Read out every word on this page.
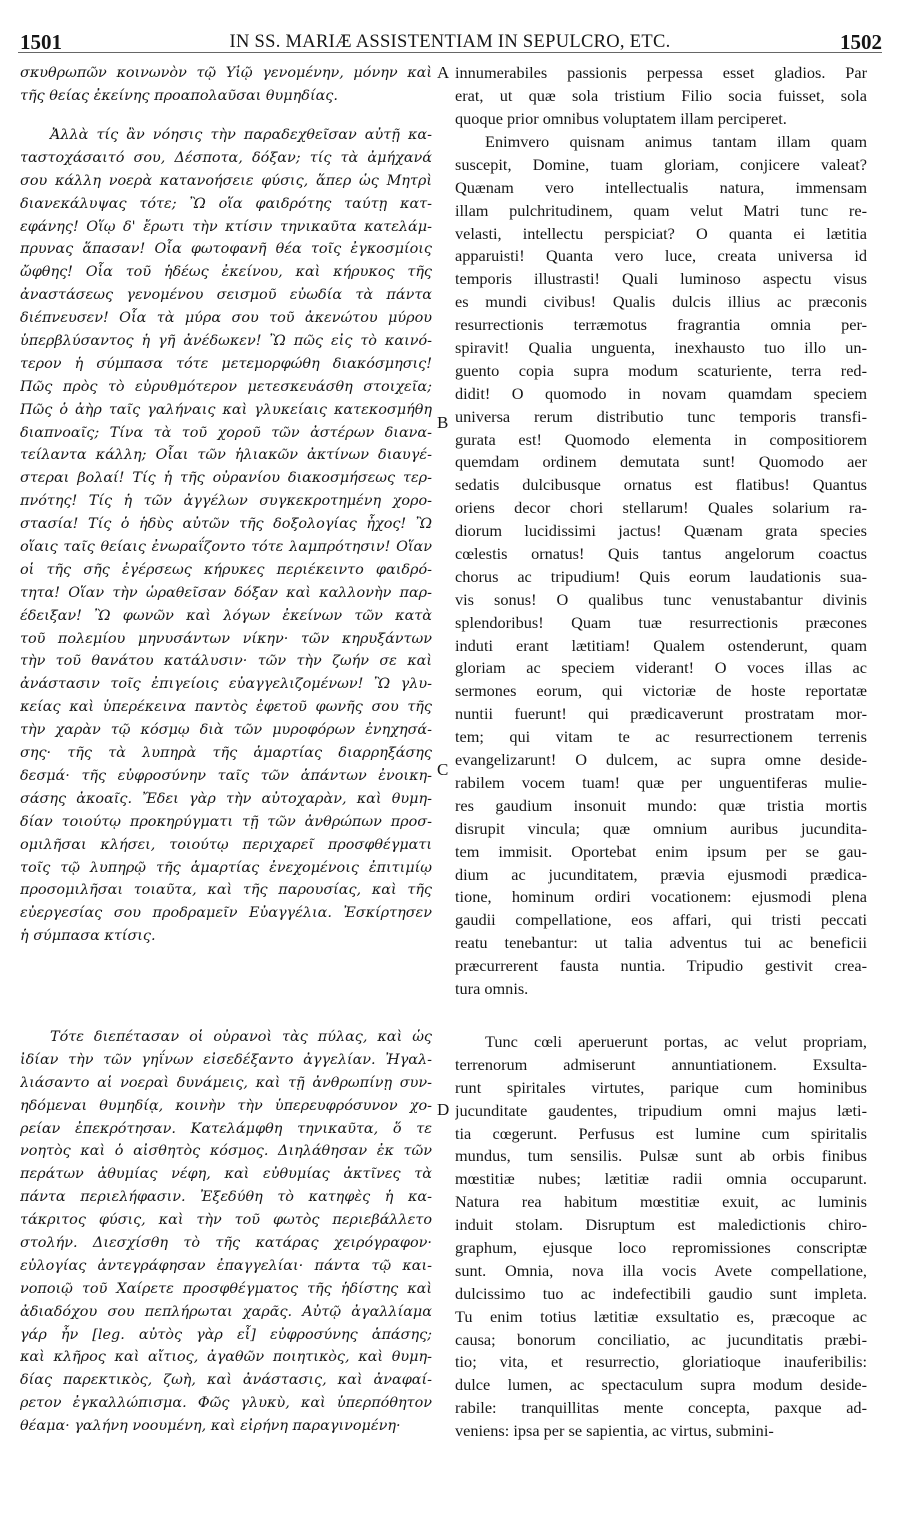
1501	IN SS. MARIÆ ASSISTENTIAM IN SEPULCRO, ETC.	1502
σκυθρωπῶν κοινωνὸν τῷ Υἱῷ γενομένην, μόνην καὶ
τῆς θείας ἐκείνης προαπολαῦσαι θυμηδίας.
Ἀλλὰ τίς ἂν νόησις τὴν παραδεχθεῖσαν αὐτῇ κα-
ταστοχάσαιτό σου, Δέσποτα, δόξαν; τίς τὰ ἀμήχανά
σου κάλλη νοερὰ κατανοήσειε φύσις, ἅπερ ὡς Μητρὶ
διανεκάλυψας τότε; Ὢ οἵα φαιδρότης ταύτῃ κατ-
εφάνης! Οἵῳ δ' ἔρωτι τὴν κτίσιν τηνικαῦτα κατελάμ-
πρυνας ἅπασαν! Οἷα φωτοφανῆ θέα τοῖς ἐγκοσμίοις
ὤφθης! Οἷα τοῦ ἡδέως ἐκείνου, καὶ κήρυκος τῆς
ἀναστάσεως γενομένου σεισμοῦ εὐωδία τὰ πάντα
διέπνευσεν! Οἷα τὰ μύρα σου τοῦ ἀκενώτου μύρου
ὑπερβλύσαντος ἡ γῆ ἀνέδωκεν! Ὢ πῶς εἰς τὸ καινό-
τερον ἡ σύμπασα τότε μετεμορφώθη διακόσμησις!
Πῶς πρὸς τὸ εὐρυθμότερον μετεσκευάσθη στοιχεῖα;
Πῶς ὁ ἀὴρ ταῖς γαλήναις καὶ γλυκείαις κατεκοσμήθη
διαπνοαῖς; Τίνα τὰ τοῦ χοροῦ τῶν ἀστέρων διανα-
τείλαντα κάλλη; Οἷαι τῶν ἡλιακῶν ἀκτίνων διαυγέ-
στεραι βολαί! Τίς ἡ τῆς οὐρανίου διακοσμήσεως τερ-
πνότης! Τίς ἡ τῶν ἀγγέλων συγκεκροτημένη χορο-
στασία! Τίς ὁ ἡδὺς αὐτῶν τῆς δοξολογίας ἦχος! Ὢ
οἵαις ταῖς θείαις ἐνωραΐζοντο τότε λαμπρότησιν! Οἵαν
οἱ τῆς σῆς ἐγέρσεως κήρυκες περιέκειντο φαιδρό-
τητα! Οἵαν τὴν ὡραθεῖσαν δόξαν καὶ καλλονὴν παρ-
έδειξαν! Ὢ φωνῶν καὶ λόγων ἐκείνων τῶν κατὰ
τοῦ πολεμίου μηνυσάντων νίκην· τῶν κηρυξάντων
τὴν τοῦ θανάτου κατάλυσιν· τῶν τὴν ζωήν σε καὶ
ἀνάστασιν τοῖς ἐπιγείοις εὐαγγελιζομένων! Ὢ γλυ-
κείας καὶ ὑπερέκεινα παντὸς ἐφετοῦ φωνῆς σου τῆς
τὴν χαρὰν τῷ κόσμῳ διὰ τῶν μυροφόρων ἐνηχησά-
σης· τῆς τὰ λυπηρὰ τῆς ἁμαρτίας διαρρηξάσης
δεσμά· τῆς εὐφροσύνην ταῖς τῶν ἁπάντων ἐνοικη-
σάσης ἀκοαῖς. Ἔδει γὰρ τὴν αὐτοχαρὰν, καὶ θυμη-
δίαν τοιούτῳ προκηρύγματι τῇ τῶν ἀνθρώπων προσ-
ομιλῆσαι κλήσει, τοιούτῳ περιχαρεῖ προσφθέγματι
τοῖς τῷ λυπηρῷ τῆς ἁμαρτίας ἐνεχομένοις ἐπιτιμίῳ
προσομιλῆσαι τοιαῦτα, καὶ τῆς παρουσίας, καὶ τῆς
εὐεργεσίας σου προδραμεῖν Εὐαγγέλια. Ἐσκίρτησεν
ἡ σύμπασα κτίσις.
Τότε διεπέτασαν οἱ οὐρανοὶ τὰς πύλας, καὶ ὡς
ἰδίαν τὴν τῶν γηΐνων εἰσεδέξαντο ἀγγελίαν. Ἠγαλ-
λιάσαντο αἱ νοεραὶ δυνάμεις, καὶ τῇ ἀνθρωπίνῃ συν-
ηδόμεναι θυμηδίᾳ, κοινὴν τὴν ὑπερευφρόσυνον χο-
ρείαν ἐπεκρότησαν. Κατελάμφθη τηνικαῦτα, ὅ τε
νοητὸς καὶ ὁ αἰσθητὸς κόσμος. Διηλάθησαν ἐκ τῶν
περάτων ἀθυμίας νέφη, καὶ εὐθυμίας ἀκτῖνες τὰ
πάντα περιελήφασιν. Ἐξεδύθη τὸ κατηφὲς ἡ κα-
τάκριτος φύσις, καὶ τὴν τοῦ φωτὸς περιεβάλλετο
στολήν. Διεσχίσθη τὸ τῆς κατάρας χειρόγραφον·
εὐλογίας ἀντεγράφησαν ἐπαγγελίαι· πάντα τῷ και-
νοποιῷ τοῦ Χαίρετε προσφθέγματος τῆς ἡδίστης καὶ
ἀδιαδόχου σου πεπλήρωται χαρᾶς. Αὐτῷ ἀγαλλίαμα
γάρ ἦν [leg. αὐτὸς γὰρ εἶ] εὐφροσύνης ἁπάσης;
καὶ κλῆρος καὶ αἴτιος, ἀγαθῶν ποιητικὸς, καὶ θυμη-
δίας παρεκτικὸς, ζωὴ, καὶ ἀνάστασις, καὶ ἀναφαί-
ρετον ἐγκαλλώπισμα. Φῶς γλυκὺ, καὶ ὑπερπόθητον
θέαμα· γαλήνη νοουμένη, καὶ εἰρήνη παραγινομένη·
innumerabiles passionis perpessa esset gladios. Par
erat, ut quæ sola tristium Filio socia fuisset, sola
quoque prior omnibus voluptatem illam perciperet.
Enimvero quisnam animus tantam illam quam
suscepit, Domine, tuam gloriam, conjicere valeat?
Quænam vero intellectualis natura, immensam
illam pulchritudinem, quam velut Matri tunc re-
velasti, intellectu perspiciat? O quanta ei lætitia
apparuisti! Quanta vero luce, creata universa id
temporis illustrasti! Quali luminoso aspectu visus
es mundi civibus! Qualis dulcis illius ac præconis
resurrectionis terræmotus fragrantia omnia per-
spiravit! Qualia unguenta, inexhausto tuo illo un-
guento copia supra modum scaturiente, terra red-
didit! O quomodo in novam quamdam speciem
universa rerum distributio tunc temporis transfi-
gurata est! Quomodo elementa in compositiorem
quemdam ordinem demutata sunt! Quomodo aer
sedatis dulcibusque ornatus est flatibus! Quantus
oriens decor chori stellarum! Quales solarium ra-
diorum lucidissimi jactus! Quænam grata species
cœlestis ornatus! Quis tantus angelorum coactus
chorus ac tripudium! Quis eorum laudationis sua-
vis sonus! O qualibus tunc venustabantur divinis
splendoribus! Quam tuæ resurrectionis præcones
induti erant lætitiam! Qualem ostenderunt, quam
gloriam ac speciem viderant! O voces illas ac
sermones eorum, qui victoriæ de hoste reportatæ
nuntii fuerunt! qui prædicaverunt prostratam mor-
tem; qui vitam te ac resurrectionem terrenis
evangelizarunt! O dulcem, ac supra omne deside-
rabilem vocem tuam! quæ per unguentiferas mulie-
res gaudium insonuit mundo: quæ tristia mortis
disrupit vincula; quæ omnium auribus jucundita-
tem immisit. Oportebat enim ipsum per se gau-
dium ac jucunditatem, prævia ejusmodi prædica-
tione, hominum ordiri vocationem: ejusmodi plena
gaudii compellatione, eos affari, qui tristi peccati
reatu tenebantur: ut talia adventus tui ac beneficii
præcurrerent fausta nuntia. Tripudio gestivit crea-
tura omnis.
Tunc cœli aperuerunt portas, ac velut propriam,
terrenorum admiserunt annuntiationem. Exsulta-
runt spiritales virtutes, parique cum hominibus
jucunditate gaudentes, tripudium omni majus læti-
tia cœgerunt. Perfusus est lumine cum spiritalis
mundus, tum sensilis. Pulsæ sunt ab orbis finibus
mœstitiæ nubes; lætitiæ radii omnia occuparunt.
Natura rea habitum mœstitiæ exuit, ac luminis
induit stolam. Disruptum est maledictionis chiro-
graphum, ejusque loco repromissiones conscriptæ
sunt. Omnia, nova illa vocis Avete compellatione,
dulcissimo tuo ac indefectibili gaudio sunt impleta.
Tu enim totius lætitiæ exsultatio es, præcoque ac
causa; bonorum conciliatio, ac jucunditatis præbi-
tio; vita, et resurrectio, gloriatioque inauferibilis:
dulce lumen, ac spectaculum supra modum deside-
rabile: tranquillitas mente concepta, paxque ad-
veniens: ipsa per se sapientia, ac virtus, submini-
A
B
C
D
